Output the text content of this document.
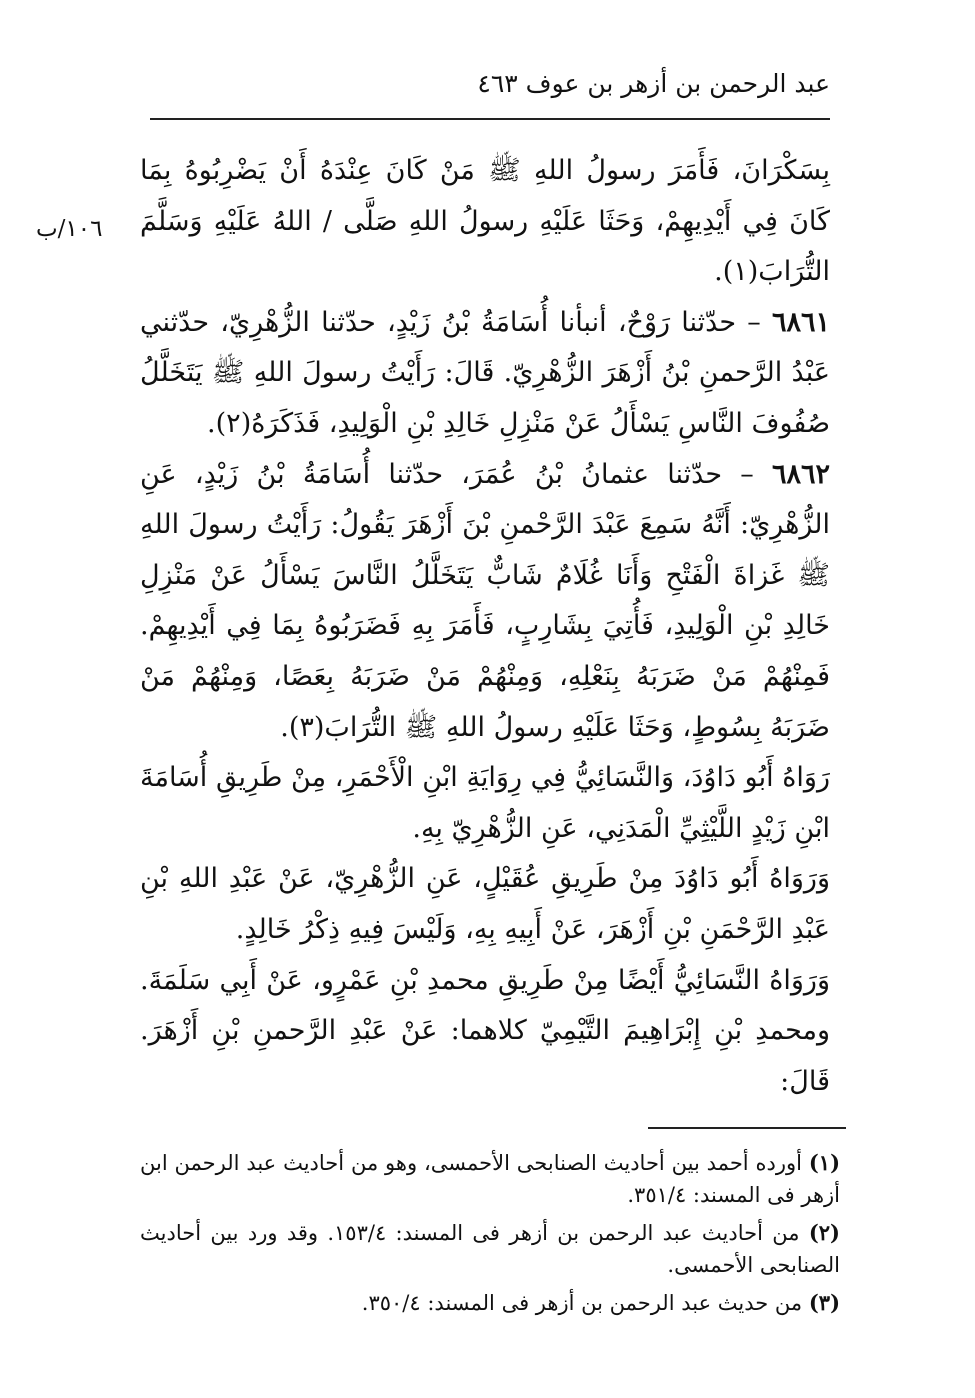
عبد الرحمن بن أزهر بن عوف ٤٦٣
١٠٦/ب

بِسَكْرَانَ، فَأَمَرَ رسولُ اللهِ ﷺ مَنْ كَانَ عِنْدَهُ أَنْ يَضْرِبُوهُ بِمَا كَانَ فِي أَيْدِيهِمْ، وَحَثَا عَلَيْهِ رسولُ اللهِ صَلَّى / اللهُ عَلَيْهِ وَسَلَّمَ التُّرَابَ(١).

٦٨٦١ – حدّثنا رَوْحٌ، أنبأنا أُسَامَةُ بْنُ زَيْدٍ، حدّثنا الزُّهْرِيّ، حدّثني عَبْدُ الرَّحمنِ بْنُ أَزْهَرَ الزُّهْرِيّ. قَالَ: رَأَيْتُ رسولَ اللهِ ﷺ يَتَخَلَّلُ صُفُوفَ النَّاسِ يَسْأَلُ عَنْ مَنْزِلِ خَالِدِ بْنِ الْوَلِيدِ، فَذَكَرَهُ(٢).

٦٨٦٢ – حدّثنا عثمانُ بْنُ عُمَرَ، حدّثنا أُسَامَةُ بْنُ زَيْدٍ، عَنِ الزُّهْرِيّ: أَنَّهُ سَمِعَ عَبْدَ الرَّحْمنِ بْنَ أَزْهَرَ يَقُولُ: رَأَيْتُ رسولَ اللهِ ﷺ غَزاةَ الْفَتْحِ وَأَنَا غُلَامٌ شَابٌّ يَتَخَلَّلُ النَّاسَ يَسْأَلُ عَنْ مَنْزِلِ خَالِدِ بْنِ الْوَلِيدِ، فَأُتِيَ بِشَارِبٍ، فَأَمَرَ بِهِ فَضَرَبُوهُ بِمَا فِي أَيْدِيهِمْ. فَمِنْهُمْ مَنْ ضَرَبَهُ بِنَعْلِهِ، وَمِنْهُمْ مَنْ ضَرَبَهُ بِعَصًا، وَمِنْهُمْ مَنْ ضَرَبَهُ بِسُوطٍ، وَحَثَا عَلَيْهِ رسولُ اللهِ ﷺ التُّرَابَ(٣).

رَوَاهُ أَبُو دَاوُدَ، وَالنَّسَائِيُّ فِي رِوَايَةِ ابْنِ الْأَحْمَرِ، مِنْ طَرِيقِ أُسَامَةَ ابْنِ زَيْدٍ اللَّيْثِيِّ الْمَدَنِي، عَنِ الزُّهْرِيّ بِهِ.

وَرَوَاهُ أَبُو دَاوُدَ مِنْ طَرِيقِ عُقَيْلٍ، عَنِ الزُّهْرِيّ، عَنْ عَبْدِ اللهِ بْنِ عَبْدِ الرَّحْمَنِ بْنِ أَزْهَرَ، عَنْ أَبِيهِ بِهِ، وَلَيْسَ فِيهِ ذِكْرُ خَالِدٍ.

وَرَوَاهُ النَّسَائِيُّ أَيْضًا مِنْ طَرِيقِ محمدِ بْنِ عَمْرٍو، عَنْ أَبِي سَلَمَةَ. ومحمدِ بْنِ إِبْرَاهِيمَ التَّيْمِيّ كلاهما: عَنْ عَبْدِ الرَّحمنِ بْنِ أَزْهَرَ. قَالَ:

(١) أورده أحمد بين أحاديث الصنابحى الأحمسى، وهو من أحاديث عبد الرحمن ابن أزهر فى المسند: ٣٥١/٤.

(٢) من أحاديث عبد الرحمن بن أزهر فى المسند: ١٥٣/٤. وقد ورد بين أحاديث الصنابحى الأحمسى.

(٣) من حديث عبد الرحمن بن أزهر فى المسند: ٣٥٠/٤.
